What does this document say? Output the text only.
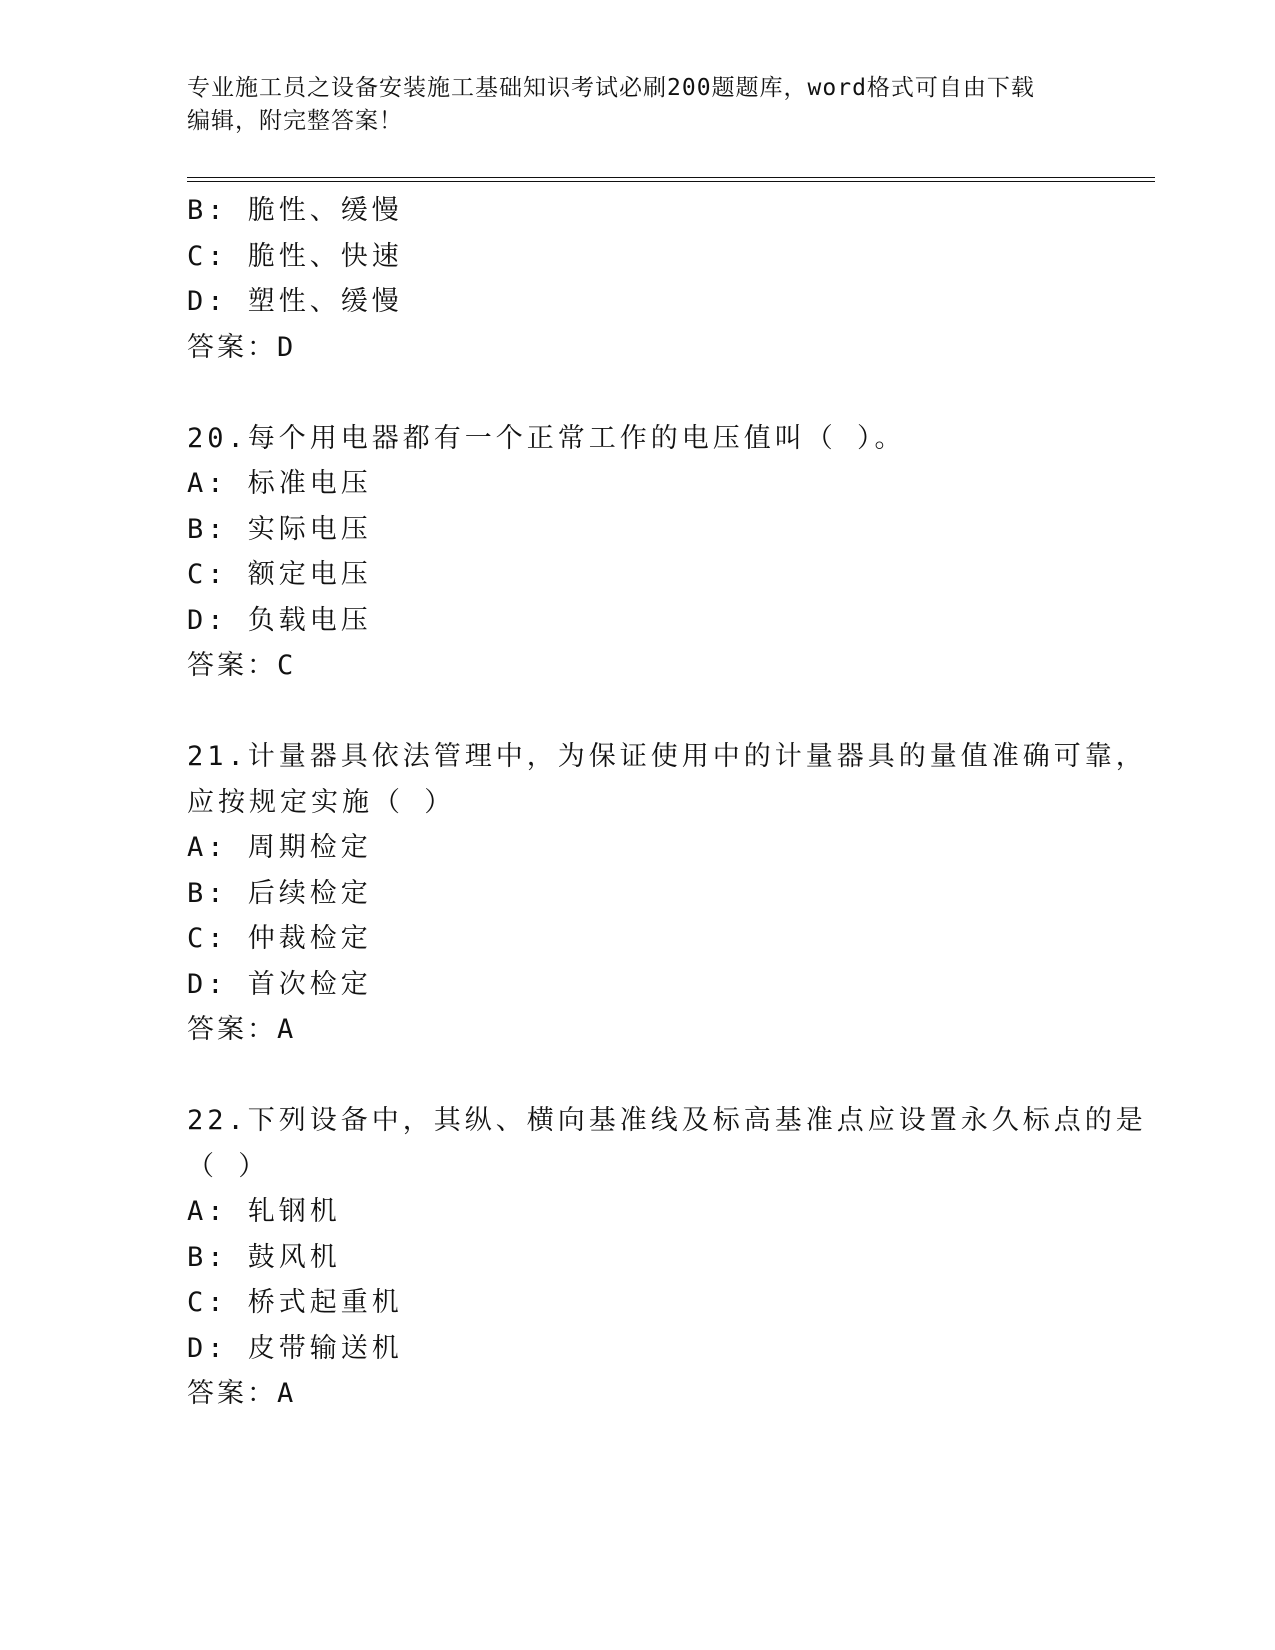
专业施工员之设备安装施工基础知识考试必刷200题题库，word格式可自由下载
编辑，附完整答案！
B: 脆性、缓慢
C: 脆性、快速
D: 塑性、缓慢
答案：D
20.每个用电器都有一个正常工作的电压值叫（ ）。
A: 标准电压
B: 实际电压
C: 额定电压
D: 负载电压
答案：C
21.计量器具依法管理中，为保证使用中的计量器具的量值准确可靠，
应按规定实施（ ）
A: 周期检定
B: 后续检定
C: 仲裁检定
D: 首次检定
答案：A
22.下列设备中，其纵、横向基准线及标高基准点应设置永久标点的是
（ ）
A: 轧钢机
B: 鼓风机
C: 桥式起重机
D: 皮带输送机
答案：A
